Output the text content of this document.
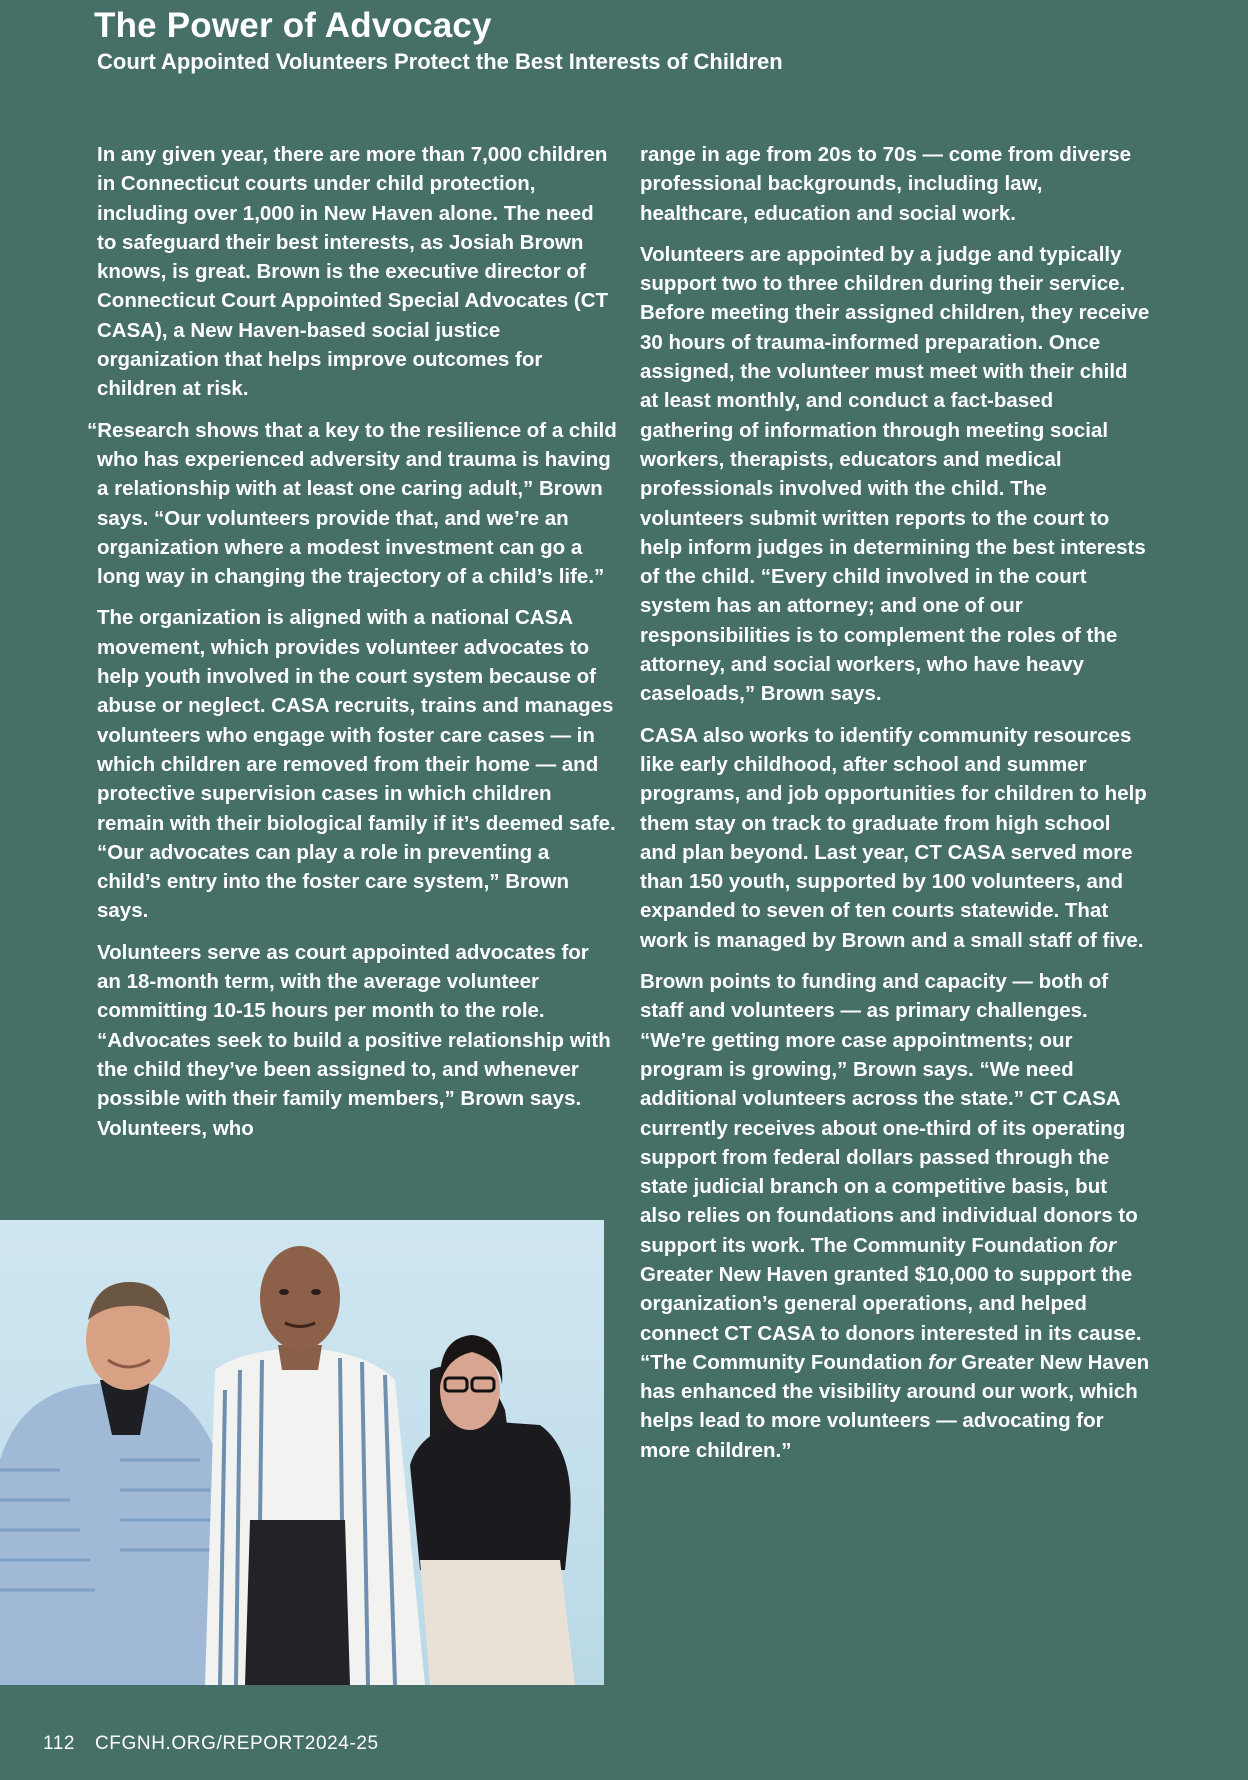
The Power of Advocacy
Court Appointed Volunteers Protect the Best Interests of Children

In any given year, there are more than 7,000 children in Connecticut courts under child protection, including over 1,000 in New Haven alone. The need to safeguard their best interests, as Josiah Brown knows, is great. Brown is the executive director of Connecticut Court Appointed Special Advocates (CT CASA), a New Haven-based social justice organization that helps improve outcomes for children at risk.

“Research shows that a key to the resilience of a child who has experienced adversity and trauma is having a relationship with at least one caring adult,” Brown says. “Our volunteers provide that, and we’re an organization where a modest investment can go a long way in changing the trajectory of a child’s life.”

The organization is aligned with a national CASA movement, which provides volunteer advocates to help youth involved in the court system because of abuse or neglect. CASA recruits, trains and manages volunteers who engage with foster care cases — in which children are removed from their home — and protective supervision cases in which children remain with their biological family if it’s deemed safe. “Our advocates can play a role in preventing a child’s entry into the foster care system,” Brown says.

Volunteers serve as court appointed advocates for an 18-month term, with the average volunteer committing 10-15 hours per month to the role. “Advocates seek to build a positive relationship with the child they’ve been assigned to, and whenever possible with their family members,” Brown says. Volunteers, who

range in age from 20s to 70s — come from diverse professional backgrounds, including law, healthcare, education and social work.

Volunteers are appointed by a judge and typically support two to three children during their service. Before meeting their assigned children, they receive 30 hours of trauma-informed preparation. Once assigned, the volunteer must meet with their child at least monthly, and conduct a fact-based gathering of information through meeting social workers, therapists, educators and medical professionals involved with the child. The volunteers submit written reports to the court to help inform judges in determining the best interests of the child. “Every child involved in the court system has an attorney; and one of our responsibilities is to complement the roles of the attorney, and social workers, who have heavy caseloads,” Brown says.

CASA also works to identify community resources like early childhood, after school and summer programs, and job opportunities for children to help them stay on track to graduate from high school and plan beyond. Last year, CT CASA served more than 150 youth, supported by 100 volunteers, and expanded to seven of ten courts statewide. That work is managed by Brown and a small staff of five.

Brown points to funding and capacity — both of staff and volunteers — as primary challenges. “We’re getting more case appointments; our program is growing,” Brown says. “We need additional volunteers across the state.” CT CASA currently receives about one-third of its operating support from federal dollars passed through the state judicial branch on a competitive basis, but also relies on foundations and individual donors to support its work. The Community Foundation for Greater New Haven granted $10,000 to support the organization’s general operations, and helped connect CT CASA to donors interested in its cause. “The Community Foundation for Greater New Haven has enhanced the visibility around our work, which helps lead to more volunteers — advocating for more children.”

112 CFGNH.ORG/REPORT2024-25
